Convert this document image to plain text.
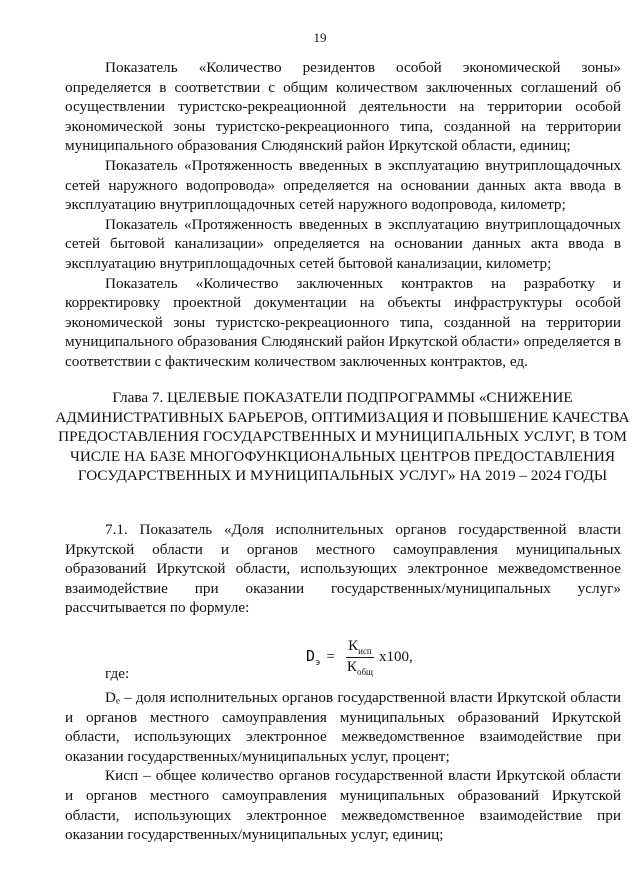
19

Показатель «Количество резидентов особой экономической зоны» определяется в соответствии с общим количеством заключенных соглашений об осуществлении туристско-рекреационной деятельности на территории особой экономической зоны туристско-рекреационного типа, созданной на территории муниципального образования Слюдянский район Иркутской области, единиц;

Показатель «Протяженность введенных в эксплуатацию внутриплощадочных сетей наружного водопровода» определяется на основании данных акта ввода в эксплуатацию внутриплощадочных сетей наружного водопровода, километр;

Показатель «Протяженность введенных в эксплуатацию внутриплощадочных сетей бытовой канализации» определяется на основании данных акта ввода в эксплуатацию внутриплощадочных сетей бытовой канализации, километр;

Показатель «Количество заключенных контрактов на разработку и корректировку проектной документации на объекты инфраструктуры особой экономической зоны туристско-рекреационного типа, созданной на территории муниципального образования Слюдянский район Иркутской области» определяется в соответствии с фактическим количеством заключенных контрактов, ед.

Глава 7. ЦЕЛЕВЫЕ ПОКАЗАТЕЛИ ПОДПРОГРАММЫ «СНИЖЕНИЕ АДМИНИСТРАТИВНЫХ БАРЬЕРОВ, ОПТИМИЗАЦИЯ И ПОВЫШЕНИЕ КАЧЕСТВА ПРЕДОСТАВЛЕНИЯ ГОСУДАРСТВЕННЫХ И МУНИЦИПАЛЬНЫХ УСЛУГ, В ТОМ ЧИСЛЕ НА БАЗЕ МНОГОФУНКЦИОНАЛЬНЫХ ЦЕНТРОВ ПРЕДОСТАВЛЕНИЯ ГОСУДАРСТВЕННЫХ И МУНИЦИПАЛЬНЫХ УСЛУГ» НА 2019 – 2024 ГОДЫ

7.1. Показатель «Доля исполнительных органов государственной власти Иркутской области и органов местного самоуправления муниципальных образований Иркутской области, использующих электронное межведомственное взаимодействие при оказании государственных/муниципальных услуг» рассчитывается по формуле:

$D_э = \frac{К_{исп}}{К_{общ}} x100$,
где:

Dₑ – доля исполнительных органов государственной власти Иркутской области и органов местного самоуправления муниципальных образований Иркутской области, использующих электронное межведомственное взаимодействие при оказании государственных/муниципальных услуг, процент;

Кисп – общее количество органов государственной власти Иркутской области и органов местного самоуправления муниципальных образований Иркутской области, использующих электронное межведомственное взаимодействие при оказании государственных/муниципальных услуг, единиц;
